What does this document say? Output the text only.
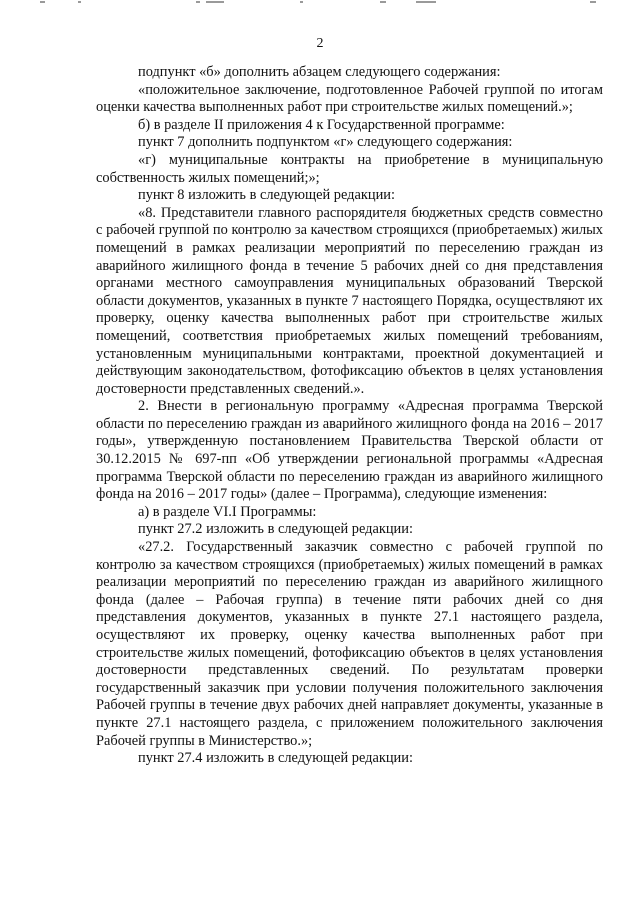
2

подпункт «б» дополнить абзацем следующего содержания:

«положительное заключение, подготовленное Рабочей группой по итогам оценки качества выполненных работ при строительстве жилых помещений.»;

б) в разделе II приложения 4 к Государственной программе:

пункт 7 дополнить подпунктом «г» следующего содержания:

«г) муниципальные контракты на приобретение в муниципальную собственность жилых помещений;»;

пункт 8 изложить в следующей редакции:

«8. Представители главного распорядителя бюджетных средств совместно с рабочей группой по контролю за качеством строящихся (приобретаемых) жилых помещений в рамках реализации мероприятий по переселению граждан из аварийного жилищного фонда в течение 5 рабочих дней со дня представления органами местного самоуправления муниципальных образований Тверской области документов, указанных в пункте 7 настоящего Порядка, осуществляют их проверку, оценку качества выполненных работ при строительстве жилых помещений, соответствия приобретаемых жилых помещений требованиям, установленным муниципальными контрактами, проектной документацией и действующим законодательством, фотофиксацию объектов в целях установления достоверности представленных сведений.».

2. Внести в региональную программу «Адресная программа Тверской области по переселению граждан из аварийного жилищного фонда на 2016 – 2017 годы», утвержденную постановлением Правительства Тверской области от 30.12.2015 № 697-пп «Об утверждении региональной программы «Адресная программа Тверской области по переселению граждан из аварийного жилищного фонда на 2016 – 2017 годы» (далее – Программа), следующие изменения:

а) в разделе VI.I Программы:

пункт 27.2 изложить в следующей редакции:

«27.2. Государственный заказчик совместно с рабочей группой по контролю за качеством строящихся (приобретаемых) жилых помещений в рамках реализации мероприятий по переселению граждан из аварийного жилищного фонда (далее – Рабочая группа) в течение пяти рабочих дней со дня представления документов, указанных в пункте 27.1 настоящего раздела, осуществляют их проверку, оценку качества выполненных работ при строительстве жилых помещений, фотофиксацию объектов в целях установления достоверности представленных сведений. По результатам проверки государственный заказчик при условии получения положительного заключения Рабочей группы в течение двух рабочих дней направляет документы, указанные в пункте 27.1 настоящего раздела, с приложением положительного заключения Рабочей группы в Министерство.»;

пункт 27.4 изложить в следующей редакции:
